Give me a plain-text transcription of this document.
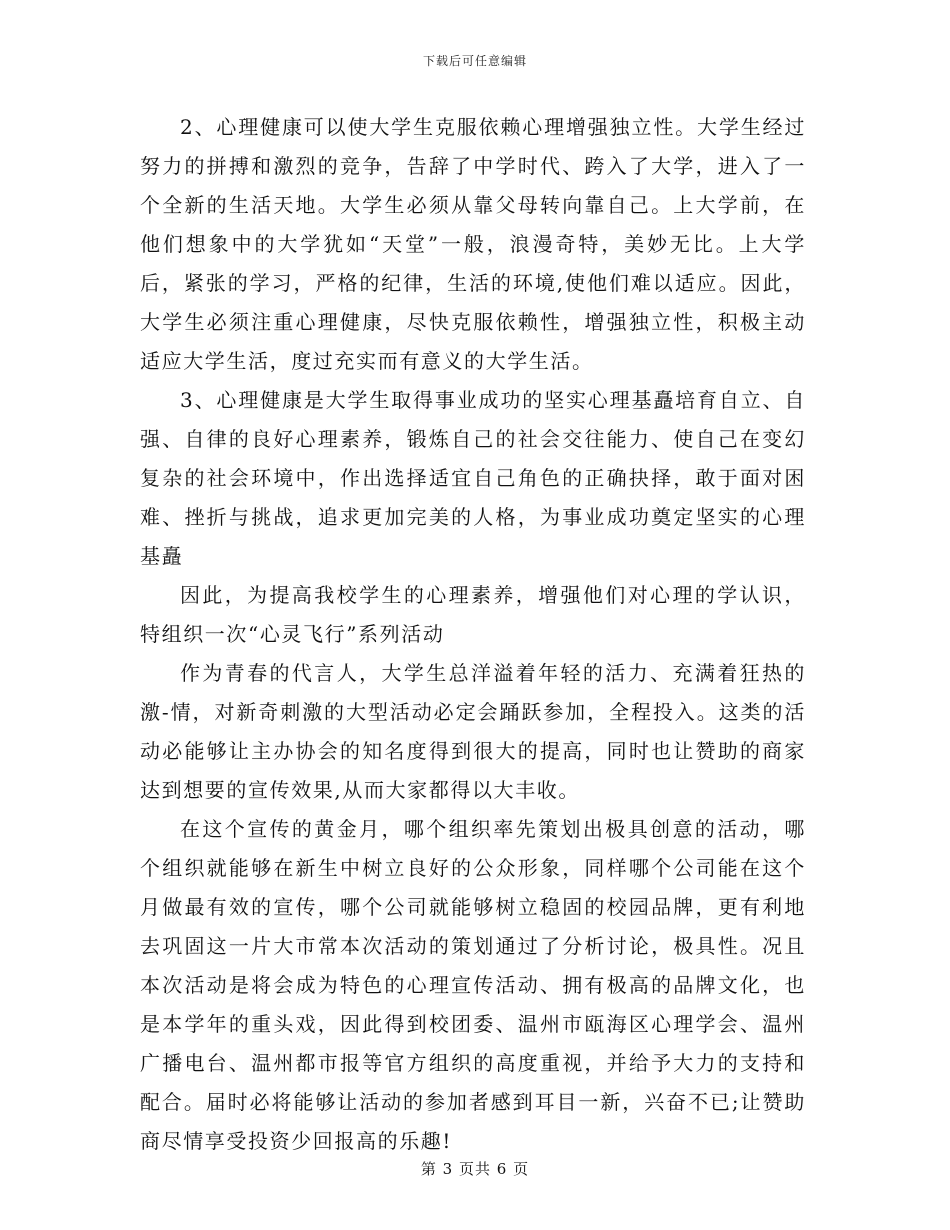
下载后可任意编辑

2、心理健康可以使大学生克服依赖心理增强独立性。大学生经过努力的拼搏和激烈的竞争，告辞了中学时代、跨入了大学，进入了一个全新的生活天地。大学生必须从靠父母转向靠自己。上大学前，在他们想象中的大学犹如“天堂”一般，浪漫奇特，美妙无比。上大学后，紧张的学习，严格的纪律，生活的环境,使他们难以适应。因此，大学生必须注重心理健康，尽快克服依赖性，增强独立性，积极主动适应大学生活，度过充实而有意义的大学生活。

3、心理健康是大学生取得事业成功的坚实心理基矗培育自立、自强、自律的良好心理素养，锻炼自己的社会交往能力、使自己在变幻复杂的社会环境中，作出选择适宜自己角色的正确抉择，敢于面对困难、挫折与挑战，追求更加完美的人格，为事业成功奠定坚实的心理基矗

因此，为提高我校学生的心理素养，增强他们对心理的学认识，特组织一次“心灵飞行”系列活动

作为青春的代言人，大学生总洋溢着年轻的活力、充满着狂热的激-情，对新奇刺激的大型活动必定会踊跃参加，全程投入。这类的活动必能够让主办协会的知名度得到很大的提高，同时也让赞助的商家达到想要的宣传效果,从而大家都得以大丰收。

在这个宣传的黄金月，哪个组织率先策划出极具创意的活动，哪个组织就能够在新生中树立良好的公众形象，同样哪个公司能在这个月做最有效的宣传，哪个公司就能够树立稳固的校园品牌，更有利地去巩固这一片大市常本次活动的策划通过了分析讨论，极具性。况且本次活动是将会成为特色的心理宣传活动、拥有极高的品牌文化，也是本学年的重头戏，因此得到校团委、温州市瓯海区心理学会、温州广播电台、温州都市报等官方组织的高度重视，并给予大力的支持和配合。届时必将能够让活动的参加者感到耳目一新，兴奋不已;让赞助商尽情享受投资少回报高的乐趣!

第 3 页共 6 页
